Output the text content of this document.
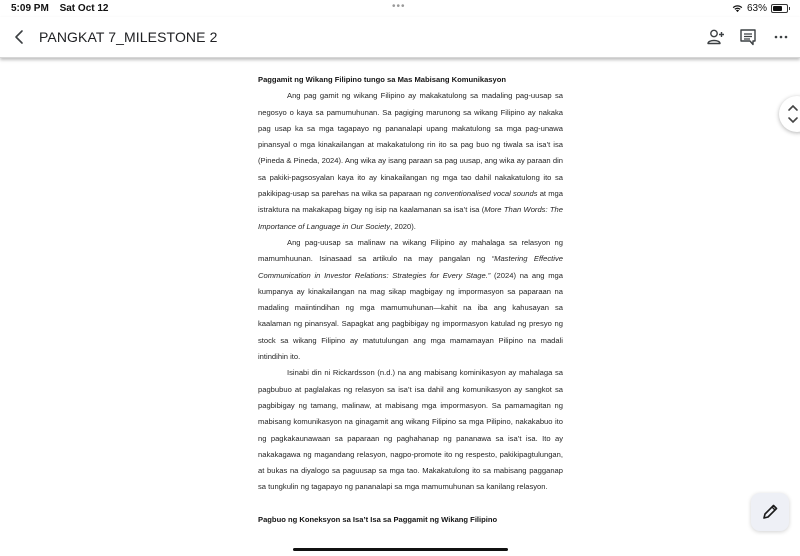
5:09 PM Sat Oct 12	•••	63%
PANGKAT 7_MILESTONE 2

Paggamit ng Wikang Filipino tungo sa Mas Mabisang Komunikasyon

Ang pag gamit ng wikang Filipino ay makakatulong sa madaling pag-uusap sa negosyo o kaya sa pamumuhunan. Sa pagiging marunong sa wikang Filipino ay nakaka pag usap ka sa mga tagapayo ng pananalapi upang makatulong sa mga pag-unawa pinansyal o mga kinakailangan at makakatulong rin ito sa pag buo ng tiwala sa isa’t isa (Pineda & Pineda, 2024). Ang wika ay isang paraan sa pag uusap, ang wika ay paraan din sa pakiki-pagsosyalan kaya ito ay kinakailangan ng mga tao dahil nakakatulong ito sa pakikipag-usap sa parehas na wika sa paparaan ng conventionalised vocal sounds at mga istraktura na makakapag bigay ng isip na kaalamanan sa isa’t isa (More Than Words: The Importance of Language in Our Society, 2020).

Ang pag-uusap sa malinaw na wikang Filipino ay mahalaga sa relasyon ng mamumhuunan. Isinasaad sa artikulo na may pangalan ng “Mastering Effective Communication in Investor Relations: Strategies for Every Stage.” (2024) na ang mga kumpanya ay kinakailangan na mag sikap magbigay ng impormasyon sa paparaan na madaling maiintindihan ng mga mamumuhunan—kahit na iba ang kahusayan sa kaalaman ng pinansyal. Sapagkat ang pagbibigay ng impormasyon katulad ng presyo ng stock sa wikang Filipino ay matutulungan ang mga mamamayan Pilipino na madali intindihin ito.

Isinabi din ni Rickardsson (n.d.) na ang mabisang kominikasyon ay mahalaga sa pagbubuo at paglalakas ng relasyon sa isa’t isa dahil ang komunikasyon ay sangkot sa pagbibigay ng tamang, malinaw, at mabisang mga impormasyon. Sa pamamagitan ng mabisang komunikasyon na ginagamit ang wikang Filipino sa mga Pilipino, nakakabuo ito ng pagkakaunawaan sa paparaan ng paghahanap ng pananawa sa isa’t isa. Ito ay nakakagawa ng magandang relasyon, nagpo-promote ito ng respesto, pakikipagtulungan, at bukas na diyalogo sa paguusap sa mga tao. Makakatulong ito sa mabisang pagganap sa tungkulin ng tagapayo ng pananalapi sa mga mamumuhunan sa kanilang relasyon.

Pagbuo ng Koneksyon sa Isa’t Isa sa Paggamit ng Wikang Filipino
